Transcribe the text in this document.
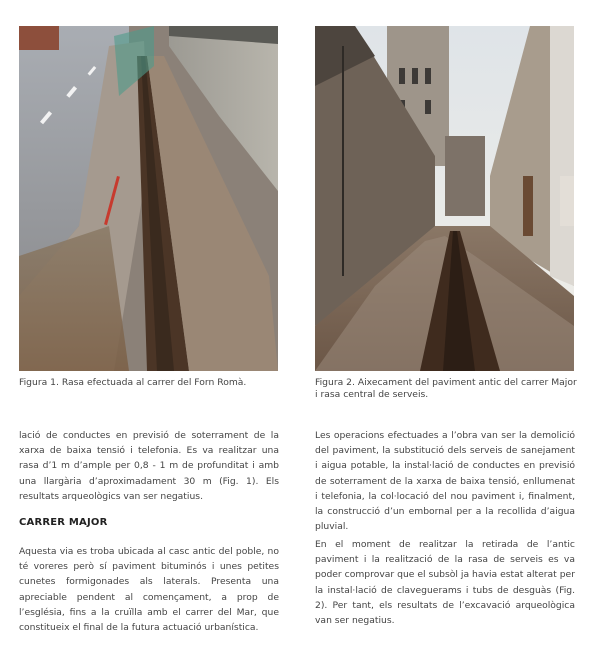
Figura 1. Rasa efectuada al carrer del Forn Romà.	Figura 2. Aixecament del paviment antic del carrer Major i rasa central de serveis.

lació de conductes en previsió de soterrament de la xarxa de baixa tensió i telefonia. Es va realitzar una rasa d’1 m d’ample per 0,8 - 1 m de profunditat i amb una llargària d’aproximadament 30 m (Fig. 1). Els resultats arqueològics van ser negatius.

CARRER MAJOR

Aquesta via es troba ubicada al casc antic del poble, no té voreres però sí paviment bituminós i unes petites cunetes formigonades als laterals. Presenta una apreciable pendent al començament, a prop de l’església, fins a la cruïlla amb el carrer del Mar, que constitueix el final de la futura actuació urbanística.

Les operacions efectuades a l’obra van ser la demolició del paviment, la substitució dels serveis de sanejament i aigua potable, la instal·lació de conductes en previsió de soterrament de la xarxa de baixa tensió, enllumenat i telefonia, la col·locació del nou paviment i, finalment, la construcció d’un embornal per a la recollida d’aigua pluvial.

En el moment de realitzar la retirada de l’antic paviment i la realització de la rasa de serveis es va poder comprovar que el subsòl ja havia estat alterat per la instal·lació de claveguerams i tubs de desguàs (Fig. 2). Per tant, els resultats de l’excavació arqueològica van ser negatius.
